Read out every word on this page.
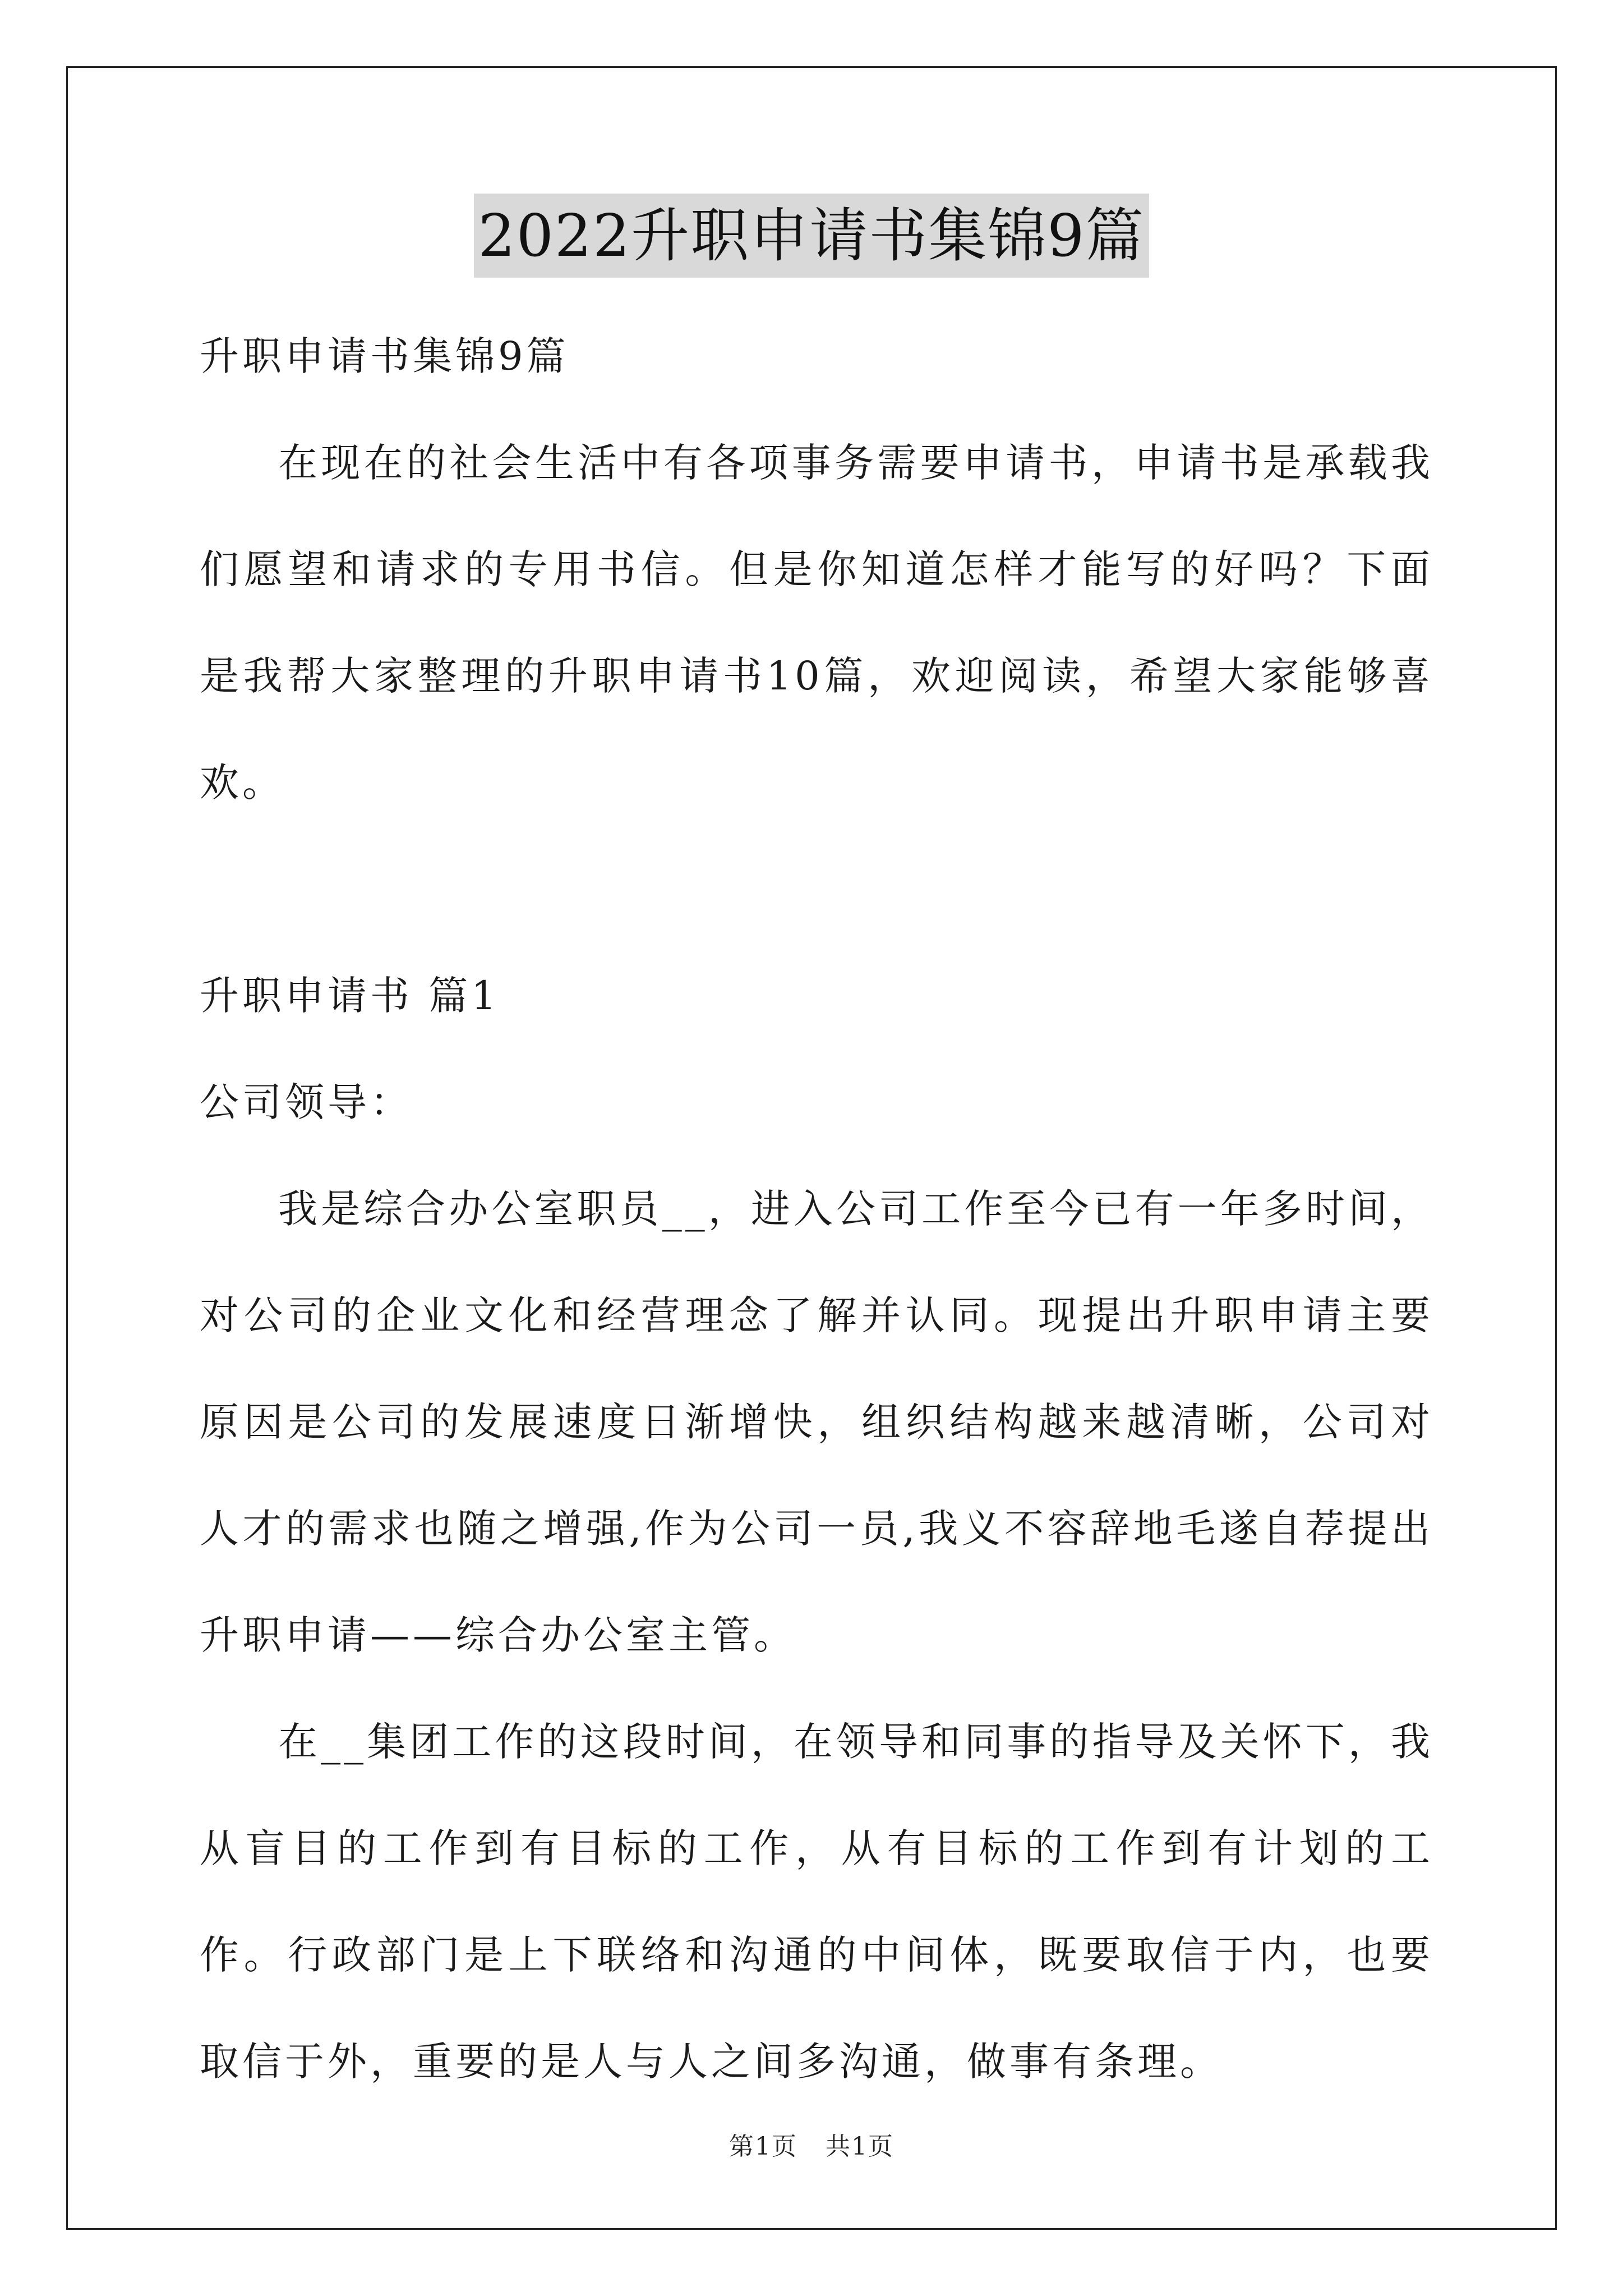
2022升职申请书集锦9篇
升职申请书集锦9篇
在现在的社会生活中有各项事务需要申请书，申请书是承载我们愿望和请求的专用书信。但是你知道怎样才能写的好吗？下面是我帮大家整理的升职申请书10篇，欢迎阅读，希望大家能够喜欢。
升职申请书 篇1
公司领导：
我是综合办公室职员__，进入公司工作至今已有一年多时间，对公司的企业文化和经营理念了解并认同。现提出升职申请主要原因是公司的发展速度日渐增快，组织结构越来越清晰，公司对人才的需求也随之增强,作为公司一员,我义不容辞地毛遂自荐提出升职申请——综合办公室主管。
在__集团工作的这段时间，在领导和同事的指导及关怀下，我从盲目的工作到有目标的工作，从有目标的工作到有计划的工作。行政部门是上下联络和沟通的中间体，既要取信于内，也要取信于外，重要的是人与人之间多沟通，做事有条理。
第1页 共1页
